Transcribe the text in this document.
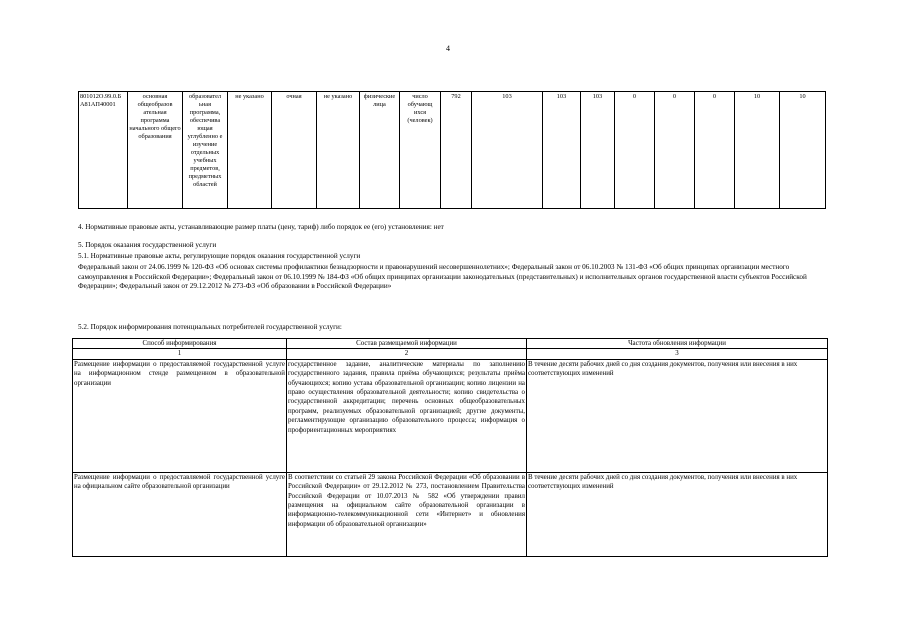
4
801012О.99.0.Б А81АП40001	основная общеобразов ательная программа начального общего образования	образовател ьная программа, обеспечива ющая углубленно е изучение отдельных учебных предметов, предметных областей	не указано	очная	не указано	физические лица	число обучающ ихся (человек)	792	103	103	103	0	0	0	10	10
4. Нормативные правовые акты, устанавливающие размер платы (цену, тариф) либо порядок ее (его) установления: нет
5. Порядок оказания государственной услуги
5.1. Нормативные правовые акты, регулирующие порядок оказания государственной услуги
Федеральный закон от 24.06.1999 № 120-ФЗ «Об основах системы профилактики безнадзорности и правонарушений несовершеннолетних»; Федеральный закон от 06.10.2003 № 131-ФЗ «Об общих принципах организации местного самоуправления в Российской Федерации»; Федеральный закон от 06.10.1999 № 184-ФЗ «Об общих принципах организации законодательных (представительных) и исполнительных органов государственной власти субъектов Российской Федерации»; Федеральный закон от 29.12.2012 № 273-ФЗ «Об образовании в Российской Федерации»
5.2. Порядок информирования потенциальных потребителей государственной услуги:
Способ информирования	Состав размещаемой информации	Частота обновления информации
1	2	3
Размещение информации о предоставляемой государственной услуге на информационном стенде размещенном в образовательной организации	государственное задание, аналитические материалы по заполнению государственного задания, правила приёма обучающихся; результаты приёма обучающихся; копию устава образовательной организации; копию лицензии на право осуществления образовательной деятельности; копию свидетельства о государственной аккредитации; перечень основных общеобразовательных программ, реализуемых образовательной организацией; другие документы, регламентирующие организацию образовательного процесса; информация о профориентационных мероприятиях	В течение десяти рабочих дней со дня создания документов, получения или внесения в них соответствующих изменений
Размещение информации о предоставляемой государственной услуге на официальном сайте образовательной организации	В соответствии со статьей 29 закона Российской Федерации «Об образовании в Российской Федерации» от 29.12.2012 № 273, постановлением Правительства Российской Федерации от 10.07.2013 № 582 «Об утверждении правил размещения на официальном сайте образовательной организации в информационно-телекоммуникационной сети «Интернет» и обновления информации об образовательной организации»	В течение десяти рабочих дней со дня создания документов, получения или внесения в них соответствующих изменений
